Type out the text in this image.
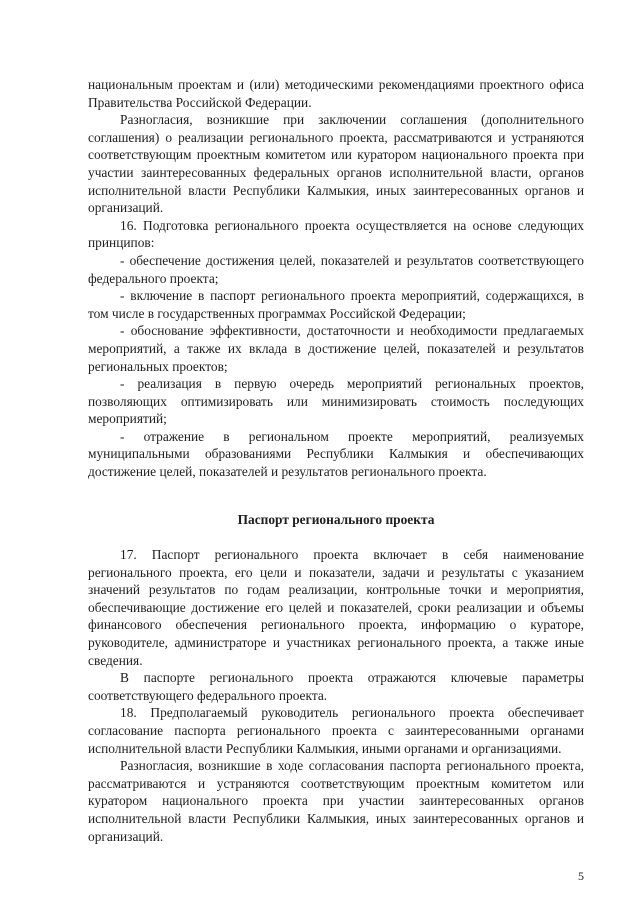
национальным проектам и (или) методическими рекомендациями проектного офиса Правительства Российской Федерации.

Разногласия, возникшие при заключении соглашения (дополнительного соглашения) о реализации регионального проекта, рассматриваются и устраняются соответствующим проектным комитетом или куратором национального проекта при участии заинтересованных федеральных органов исполнительной власти, органов исполнительной власти Республики Калмыкия, иных заинтересованных органов и организаций.

16. Подготовка регионального проекта осуществляется на основе следующих принципов:

- обеспечение достижения целей, показателей и результатов соответствующего федерального проекта;

- включение в паспорт регионального проекта мероприятий, содержащихся, в том числе в государственных программах Российской Федерации;

- обоснование эффективности, достаточности и необходимости предлагаемых мероприятий, а также их вклада в достижение целей, показателей и результатов региональных проектов;

- реализация в первую очередь мероприятий региональных проектов, позволяющих оптимизировать или минимизировать стоимость последующих мероприятий;

- отражение в региональном проекте мероприятий, реализуемых муниципальными образованиями Республики Калмыкия и обеспечивающих достижение целей, показателей и результатов регионального проекта.

Паспорт регионального проекта

17. Паспорт регионального проекта включает в себя наименование регионального проекта, его цели и показатели, задачи и результаты с указанием значений результатов по годам реализации, контрольные точки и мероприятия, обеспечивающие достижение его целей и показателей, сроки реализации и объемы финансового обеспечения регионального проекта, информацию о кураторе, руководителе, администраторе и участниках регионального проекта, а также иные сведения.

В паспорте регионального проекта отражаются ключевые параметры соответствующего федерального проекта.

18. Предполагаемый руководитель регионального проекта обеспечивает согласование паспорта регионального проекта с заинтересованными органами исполнительной власти Республики Калмыкия, иными органами и организациями.

Разногласия, возникшие в ходе согласования паспорта регионального проекта, рассматриваются и устраняются соответствующим проектным комитетом или куратором национального проекта при участии заинтересованных органов исполнительной власти Республики Калмыкия, иных заинтересованных органов и организаций.

5
